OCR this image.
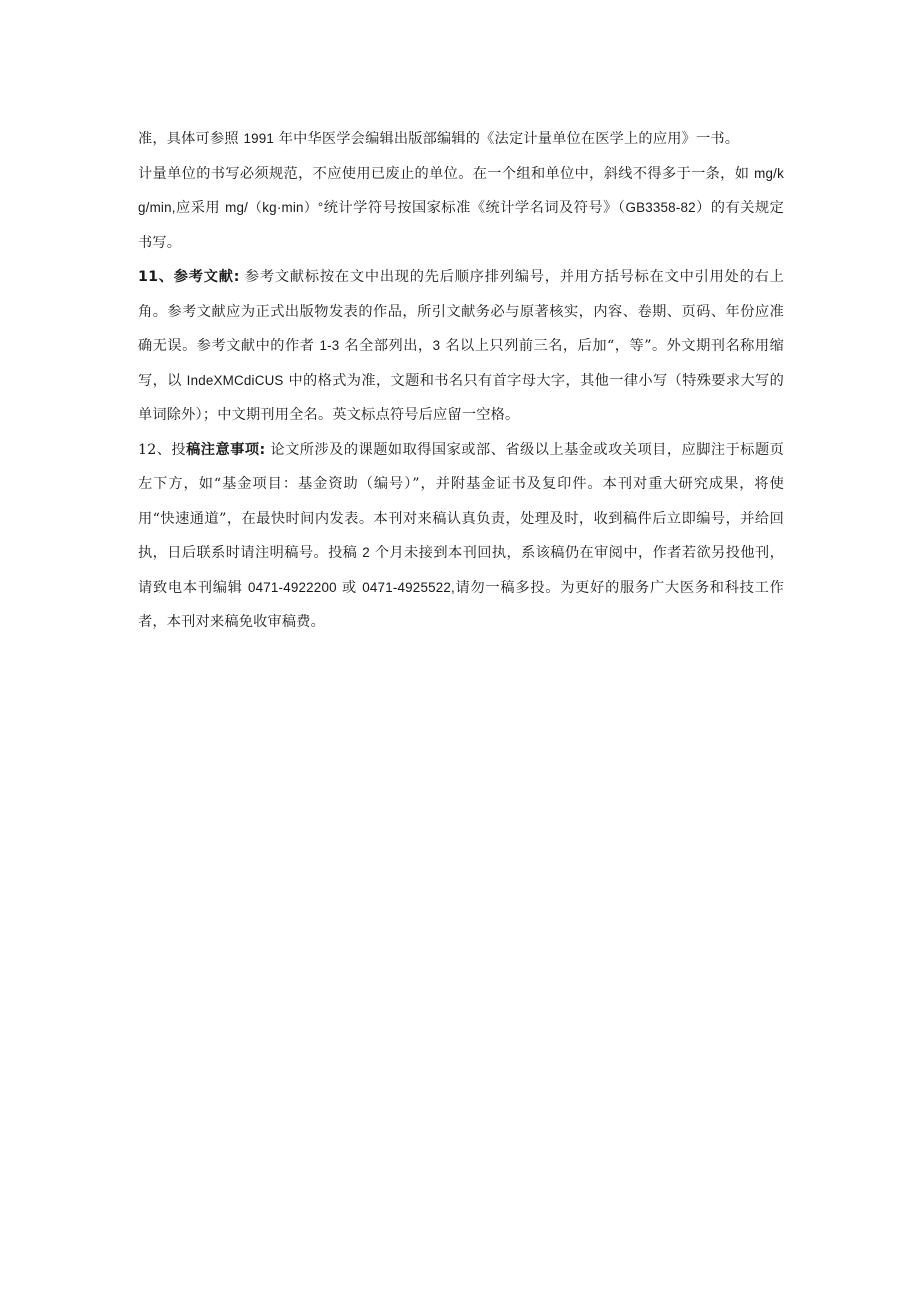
准，具体可参照 1991 年中华医学会编辑出版部编辑的《法定计量单位在医学上的应用》一书。

计量单位的书写必须规范，不应使用已废止的单位。在一个组和单位中，斜线不得多于一条，如 mg/kg/min,应采用 mg/（kg·min）°统计学符号按国家标准《统计学名词及符号》（GB3358-82）的有关规定书写。

11、参考文献: 参考文献标按在文中出现的先后顺序排列编号，并用方括号标在文中引用处的右上角。参考文献应为正式出版物发表的作品，所引文献务必与原著核实，内容、卷期、页码、年份应准确无误。参考文献中的作者 1-3 名全部列出，3 名以上只列前三名，后加“，等”。外文期刊名称用缩写，以 IndeXMCdiCUS 中的格式为准，文题和书名只有首字母大字，其他一律小写（特殊要求大写的单词除外）；中文期刊用全名。英文标点符号后应留一空格。

12、投稿注意事项: 论文所涉及的课题如取得国家或部、省级以上基金或攻关项目，应脚注于标题页左下方，如“基金项目：基金资助（编号）”，并附基金证书及复印件。本刊对重大研究成果，将使用“快速通道”，在最快时间内发表。本刊对来稿认真负责，处理及时，收到稿件后立即编号，并给回执，日后联系时请注明稿号。投稿 2 个月未接到本刊回执，系该稿仍在审阅中，作者若欲另投他刊，请致电本刊编辑 0471-4922200 或 0471-4925522,请勿一稿多投。为更好的服务广大医务和科技工作者，本刊对来稿免收审稿费。
